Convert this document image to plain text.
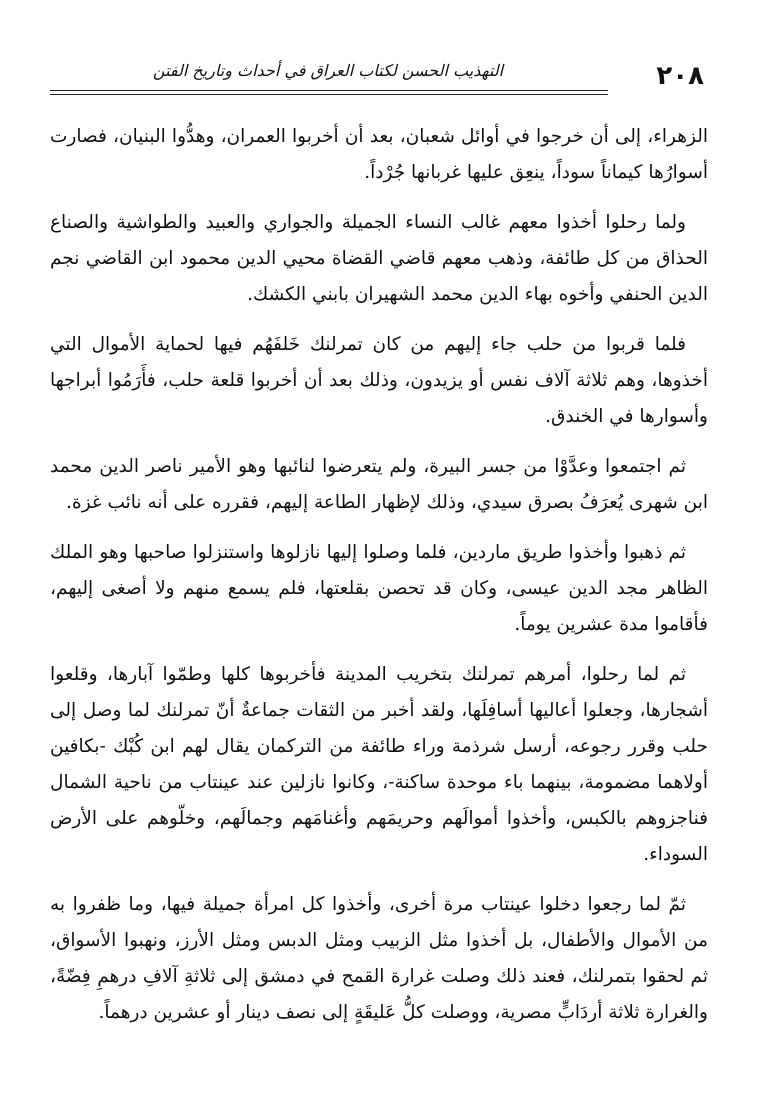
٢٠٨
التهذيب الحسن لكتاب العراق في أحداث وتاريخ الفتن

الزهراء، إلى أن خرجوا في أوائل شعبان، بعد أن أخربوا العمران، وهدُّوا البنيان، فصارت أسوارُها كيماناً سوداً، ينعِق عليها غربانها جُرْداً.

ولما رحلوا أخذوا معهم غالب النساء الجميلة والجواري والعبيد والطواشية والصناع الحذاق من كل طائفة، وذهب معهم قاضي القضاة محيي الدين محمود ابن القاضي نجم الدين الحنفي وأخوه بهاء الدين محمد الشهيران بابني الكشك.

فلما قربوا من حلب جاء إليهم من كان تمرلنك خَلفَهُم فيها لحماية الأموال التي أخذوها، وهم ثلاثة آلاف نفس أو يزيدون، وذلك بعد أن أخربوا قلعة حلب، فأَرَمُوا أبراجها وأسوارها في الخندق.

ثم اجتمعوا وعدَّوْا من جسر البيرة، ولم يتعرضوا لنائبها وهو الأمير ناصر الدين محمد ابن شهرى يُعرَفُ بصرق سيدي، وذلك لإظهار الطاعة إليهم، فقرره على أنه نائب غزة.

ثم ذهبوا وأخذوا طريق ماردين، فلما وصلوا إليها نازلوها واستنزلوا صاحبها وهو الملك الظاهر مجد الدين عيسى، وكان قد تحصن بقلعتها، فلم يسمع منهم ولا أصغى إليهم، فأقاموا مدة عشرين يوماً.

ثم لما رحلوا، أمرهم تمرلنك بتخريب المدينة فأخربوها كلها وطمّوا آبارها، وقلعوا أشجارها، وجعلوا أعاليها أسافِلَها، ولقد أخبر من الثقات جماعةٌ أنّ تمرلنك لما وصل إلى حلب وقرر رجوعه، أرسل شرذمة وراء طائفة من التركمان يقال لهم ابن كُبْك -بكافين أولاهما مضمومة، بينهما باء موحدة ساكنة-، وكانوا نازلين عند عينتاب من ناحية الشمال فناجزوهم بالكبس، وأخذوا أموالَهم وحريمَهم وأغنامَهم وجمالَهم، وخلّوهم على الأرض السوداء.

ثمّ لما رجعوا دخلوا عينتاب مرة أخرى، وأخذوا كل امرأة جميلة فيها، وما ظفروا به من الأموال والأطفال، بل أخذوا مثل الزبيب ومثل الدبس ومثل الأرز، ونهبوا الأسواق، ثم لحقوا بتمرلنك، فعند ذلك وصلت غرارة القمح في دمشق إلى ثلاثةِ آلافِ درهمِ فِضّةً، والغرارة ثلاثة أردَابٍّ مصرية، ووصلت كلُّ عَليقَةٍ إلى نصف دينار أو عشرين درهماً.
